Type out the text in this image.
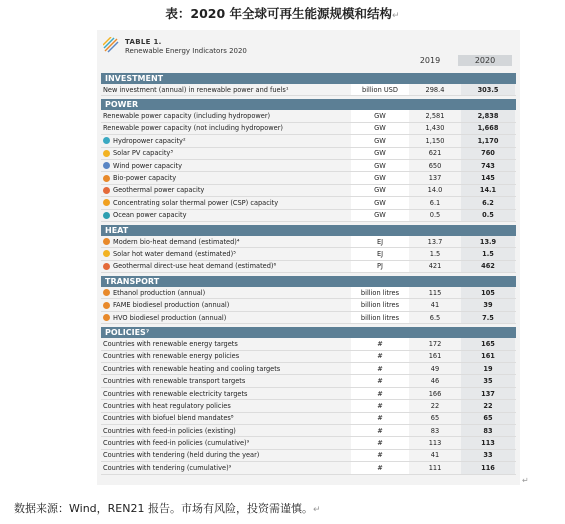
表：2020 年全球可再生能源规模和结构↵
TABLE 1.
Renewable Energy Indicators 2020
2019	2020
INVESTMENT
New investment (annual) in renewable power and fuels¹	billion USD	298.4	303.5
POWER
Renewable power capacity (including hydropower)	GW	2,581	2,838
Renewable power capacity (not including hydropower)	GW	1,430	1,668
Hydropower capacity²	GW	1,150	1,170
Solar PV capacity³	GW	621	760
Wind power capacity	GW	650	743
Bio-power capacity	GW	137	145
Geothermal power capacity	GW	14.0	14.1
Concentrating solar thermal power (CSP) capacity	GW	6.1	6.2
Ocean power capacity	GW	0.5	0.5
HEAT
Modern bio-heat demand (estimated)⁴	EJ	13.7	13.9
Solar hot water demand (estimated)⁵	EJ	1.5	1.5
Geothermal direct-use heat demand (estimated)⁶	PJ	421	462
TRANSPORT
Ethanol production (annual)	billion litres	115	105
FAME biodiesel production (annual)	billion litres	41	39
HVO biodiesel production (annual)	billion litres	6.5	7.5
POLICIES⁷
Countries with renewable energy targets	#	172	165
Countries with renewable energy policies	#	161	161
Countries with renewable heating and cooling targets	#	49	19
Countries with renewable transport targets	#	46	35
Countries with renewable electricity targets	#	166	137
Countries with heat regulatory policies	#	22	22
Countries with biofuel blend mandates⁸	#	65	65
Countries with feed-in policies (existing)	#	83	83
Countries with feed-in policies (cumulative)⁹	#	113	113
Countries with tendering (held during the year)	#	41	33
Countries with tendering (cumulative)⁹	#	111	116
↵
数据来源：Wind，REN21 报告。市场有风险，投资需谨慎。↵
